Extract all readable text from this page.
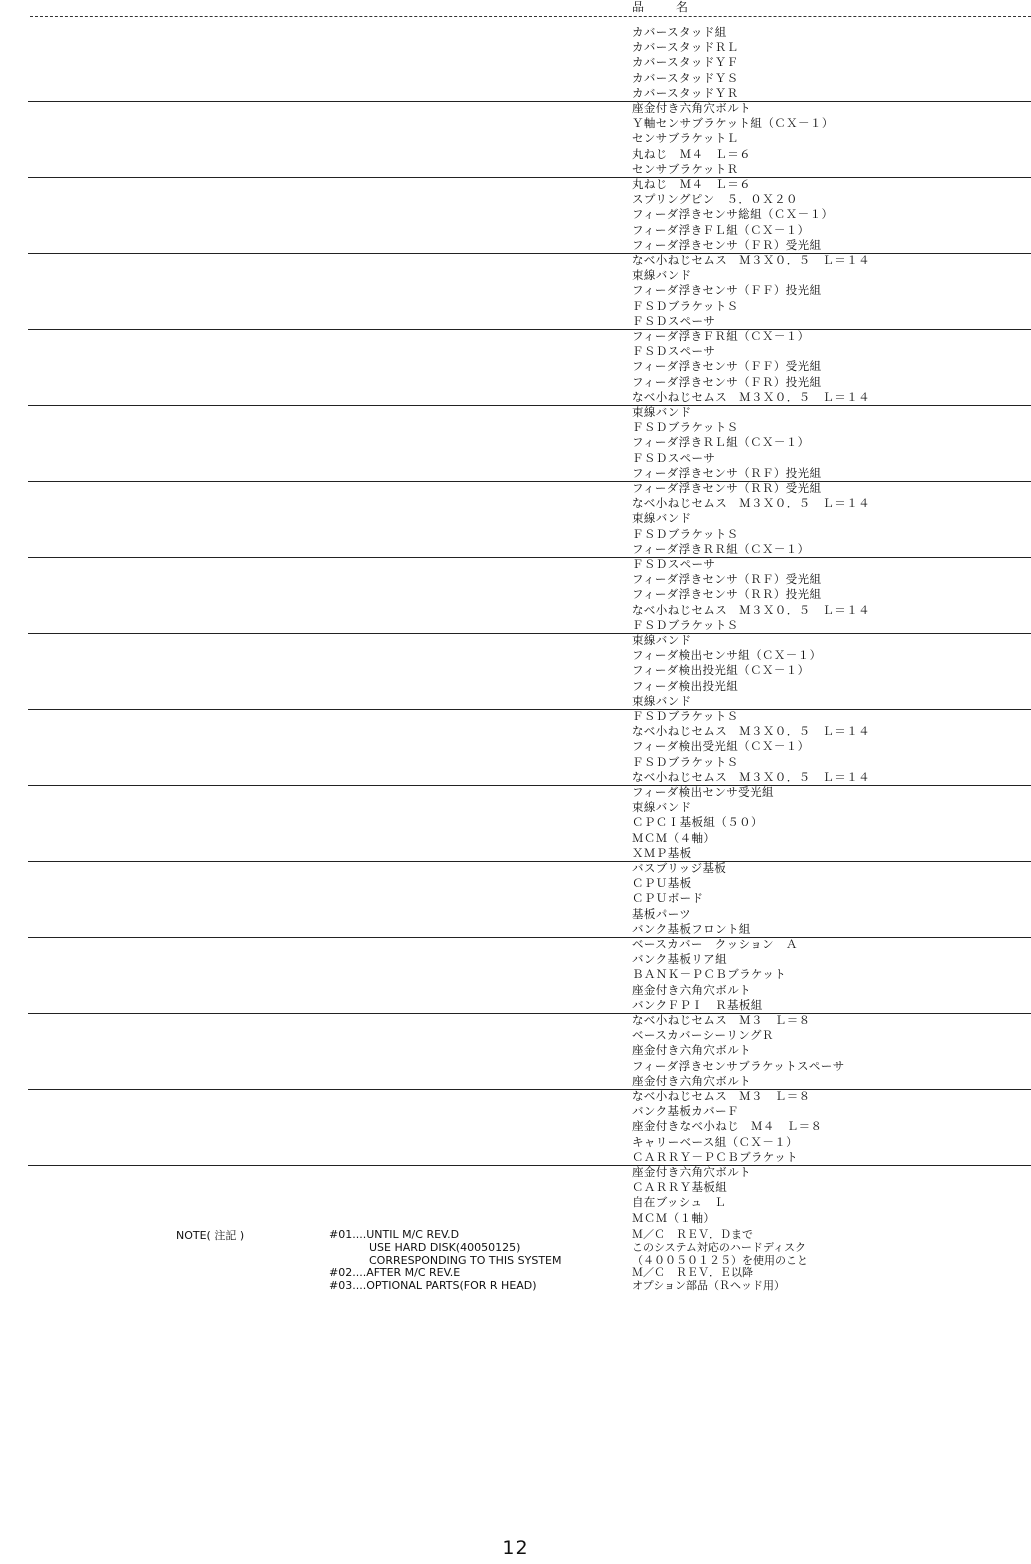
品　名
カバースタッド組
カバースタッドＲＬ
カバースタッドＹＦ
カバースタッドＹＳ
カバースタッドＹＲ
座金付き六角穴ボルト
Ｙ軸センサブラケット組（ＣＸ－１）
センサブラケットＬ
丸ねじ　Ｍ４　Ｌ＝６
センサブラケットＲ
丸ねじ　Ｍ４　Ｌ＝６
スプリングピン　５．０Ｘ２０
フィーダ浮きセンサ総組（ＣＸ－１）
フィーダ浮きＦＬ組（ＣＸ－１）
フィーダ浮きセンサ（ＦＲ）受光組
なべ小ねじセムス　Ｍ３Ｘ０．５　Ｌ＝１４
束線バンド
フィーダ浮きセンサ（ＦＦ）投光組
ＦＳＤブラケットＳ
ＦＳＤスペーサ
フィーダ浮きＦＲ組（ＣＸ－１）
ＦＳＤスペーサ
フィーダ浮きセンサ（ＦＦ）受光組
フィーダ浮きセンサ（ＦＲ）投光組
なべ小ねじセムス　Ｍ３Ｘ０．５　Ｌ＝１４
束線バンド
ＦＳＤブラケットＳ
フィーダ浮きＲＬ組（ＣＸ－１）
ＦＳＤスペーサ
フィーダ浮きセンサ（ＲＦ）投光組
フィーダ浮きセンサ（ＲＲ）受光組
なべ小ねじセムス　Ｍ３Ｘ０．５　Ｌ＝１４
束線バンド
ＦＳＤブラケットＳ
フィーダ浮きＲＲ組（ＣＸ－１）
ＦＳＤスペーサ
フィーダ浮きセンサ（ＲＦ）受光組
フィーダ浮きセンサ（ＲＲ）投光組
なべ小ねじセムス　Ｍ３Ｘ０．５　Ｌ＝１４
ＦＳＤブラケットＳ
束線バンド
フィーダ検出センサ組（ＣＸ－１）
フィーダ検出投光組（ＣＸ－１）
フィーダ検出投光組
束線バンド
ＦＳＤブラケットＳ
なべ小ねじセムス　Ｍ３Ｘ０．５　Ｌ＝１４
フィーダ検出受光組（ＣＸ－１）
ＦＳＤブラケットＳ
なべ小ねじセムス　Ｍ３Ｘ０．５　Ｌ＝１４
フィーダ検出センサ受光組
束線バンド
ＣＰＣＩ基板組（５０）
ＭＣＭ（４軸）
ＸＭＰ基板
バスブリッジ基板
ＣＰＵ基板
ＣＰＵボード
基板パーツ
バンク基板フロント組
ベースカバー　クッション　Ａ
バンク基板リア組
ＢＡＮＫ－ＰＣＢブラケット
座金付き六角穴ボルト
バンクＦＰＩ　Ｒ基板組
なべ小ねじセムス　Ｍ３　Ｌ＝８
ベースカバーシーリングＲ
座金付き六角穴ボルト
フィーダ浮きセンサブラケットスペーサ
座金付き六角穴ボルト
なべ小ねじセムス　Ｍ３　Ｌ＝８
バンク基板カバーＦ
座金付きなべ小ねじ　Ｍ４　Ｌ＝８
キャリーベース組（ＣＸ－１）
ＣＡＲＲＹ－ＰＣＢブラケット
座金付き六角穴ボルト
ＣＡＲＲＹ基板組
自在ブッシュ　Ｌ
ＭＣＭ（１軸）
NOTE( 注記 )	#01....UNTIL M/C REV.D
USE HARD DISK(40050125)
CORRESPONDING TO THIS SYSTEM
#02....AFTER M/C REV.E
#03....OPTIONAL PARTS(FOR R HEAD)
Ｍ／Ｃ　ＲＥＶ．Ｄまで
このシステム対応のハードディスク
（４００５０１２５）を使用のこと
Ｍ／Ｃ　ＲＥＶ．Ｅ以降
オプション部品（Ｒヘッド用）
12
